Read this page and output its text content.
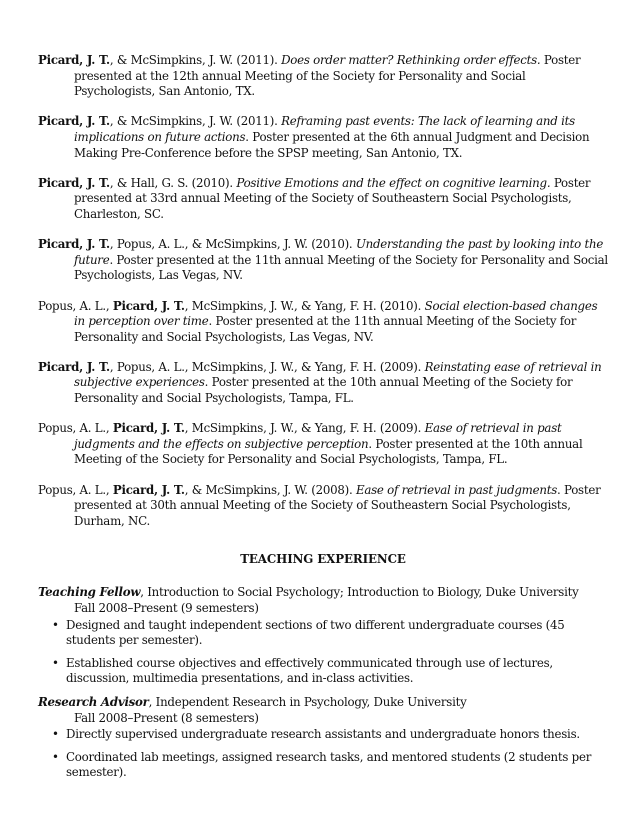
Picard, J. T., & McSimpkins, J. W. (2011). Does order matter? Rethinking order effects. Poster presented at the 12th annual Meeting of the Society for Personality and Social Psychologists, San Antonio, TX.

Picard, J. T., & McSimpkins, J. W. (2011). Reframing past events: The lack of learning and its implications on future actions. Poster presented at the 6th annual Judgment and Decision Making Pre-Conference before the SPSP meeting, San Antonio, TX.

Picard, J. T., & Hall, G. S. (2010). Positive Emotions and the effect on cognitive learning. Poster presented at 33rd annual Meeting of the Society of Southeastern Social Psychologists, Charleston, SC.

Picard, J. T., Popus, A. L., & McSimpkins, J. W. (2010). Understanding the past by looking into the future. Poster presented at the 11th annual Meeting of the Society for Personality and Social Psychologists, Las Vegas, NV.

Popus, A. L., Picard, J. T., McSimpkins, J. W., & Yang, F. H. (2010). Social election-based changes in perception over time. Poster presented at the 11th annual Meeting of the Society for Personality and Social Psychologists, Las Vegas, NV.

Picard, J. T., Popus, A. L., McSimpkins, J. W., & Yang, F. H. (2009). Reinstating ease of retrieval in subjective experiences. Poster presented at the 10th annual Meeting of the Society for Personality and Social Psychologists, Tampa, FL.

Popus, A. L., Picard, J. T., McSimpkins, J. W., & Yang, F. H. (2009). Ease of retrieval in past judgments and the effects on subjective perception. Poster presented at the 10th annual Meeting of the Society for Personality and Social Psychologists, Tampa, FL.

Popus, A. L., Picard, J. T., & McSimpkins, J. W. (2008). Ease of retrieval in past judgments. Poster presented at 30th annual Meeting of the Society of Southeastern Social Psychologists, Durham, NC.

TEACHING EXPERIENCE

Teaching Fellow, Introduction to Social Psychology; Introduction to Biology, Duke University

Fall 2008–Present (9 semesters)

• Designed and taught independent sections of two different undergraduate courses (45 students per semester).
• Established course objectives and effectively communicated through use of lectures, discussion, multimedia presentations, and in-class activities.

Research Advisor, Independent Research in Psychology, Duke University

Fall 2008–Present (8 semesters)

• Directly supervised undergraduate research assistants and undergraduate honors thesis.
• Coordinated lab meetings, assigned research tasks, and mentored students (2 students per semester).
